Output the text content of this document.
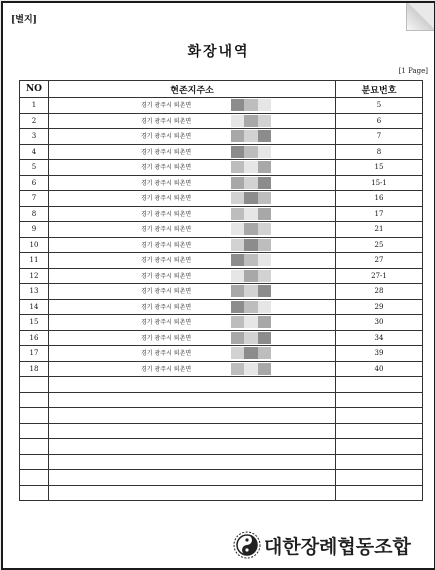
[별지]
화장내역
[1 Page]
NO	현존지주소	분묘번호
1	경기 광주시 퇴촌면	5
2	경기 광주시 퇴촌면	6
3	경기 광주시 퇴촌면	7
4	경기 광주시 퇴촌면	8
5	경기 광주시 퇴촌면	15
6	경기 광주시 퇴촌면	15-1
7	경기 광주시 퇴촌면	16
8	경기 광주시 퇴촌면	17
9	경기 광주시 퇴촌면	21
10	경기 광주시 퇴촌면	25
11	경기 광주시 퇴촌면	27
12	경기 광주시 퇴촌면	27-1
13	경기 광주시 퇴촌면	28
14	경기 광주시 퇴촌면	29
15	경기 광주시 퇴촌면	30
16	경기 광주시 퇴촌면	34
17	경기 광주시 퇴촌면	39
18	경기 광주시 퇴촌면	40

대한장례협동조합
